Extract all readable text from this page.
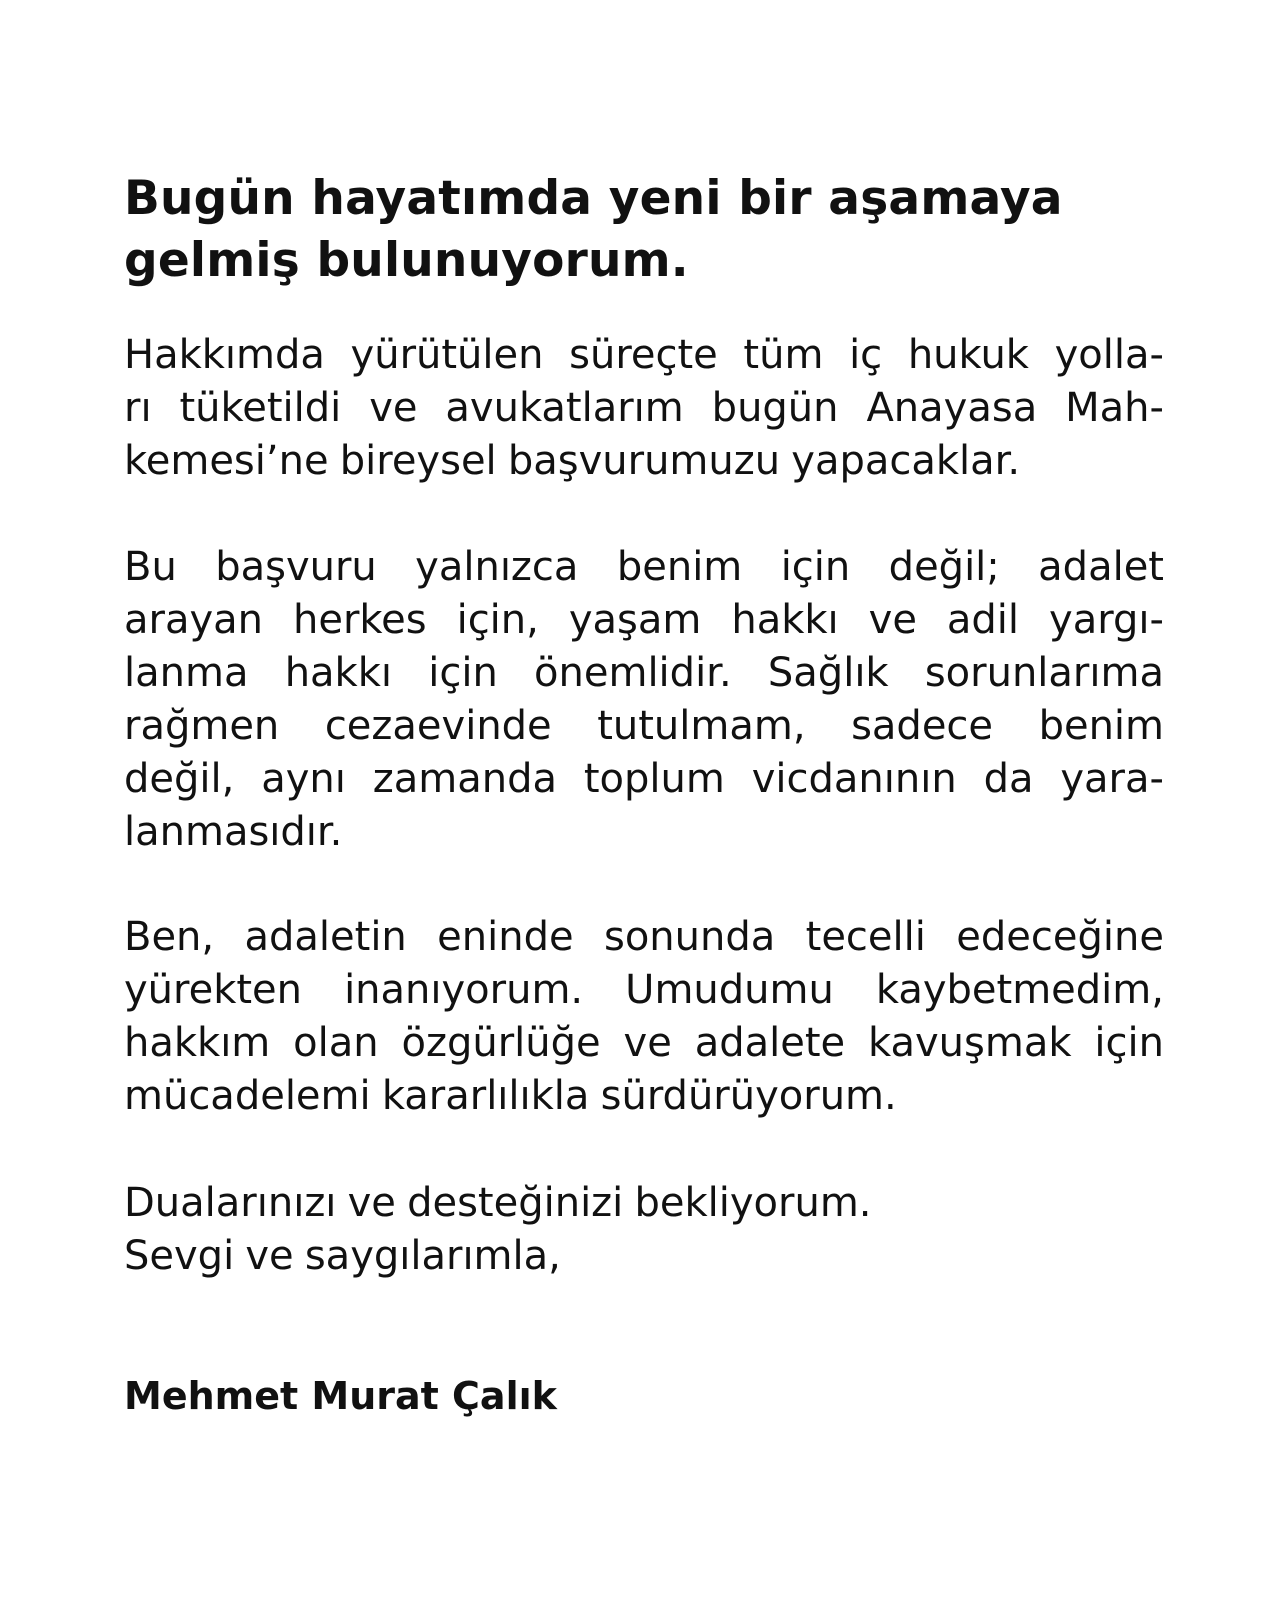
Bugün hayatımda yeni bir aşamaya
gelmiş bulunuyorum.
Hakkımda yürütülen süreçte tüm iç hukuk yolla-
rı tüketildi ve avukatlarım bugün Anayasa Mah-
kemesi’ne bireysel başvurumuzu yapacaklar.
Bu başvuru yalnızca benim için değil; adalet
arayan herkes için, yaşam hakkı ve adil yargı-
lanma hakkı için önemlidir. Sağlık sorunlarıma
rağmen cezaevinde tutulmam, sadece benim
değil, aynı zamanda toplum vicdanının da yara-
lanmasıdır.
Ben, adaletin eninde sonunda tecelli edeceğine
yürekten inanıyorum. Umudumu kaybetmedim,
hakkım olan özgürlüğe ve adalete kavuşmak için
mücadelemi kararlılıkla sürdürüyorum.
Dualarınızı ve desteğinizi bekliyorum.
Sevgi ve saygılarımla,

Mehmet Murat Çalık
